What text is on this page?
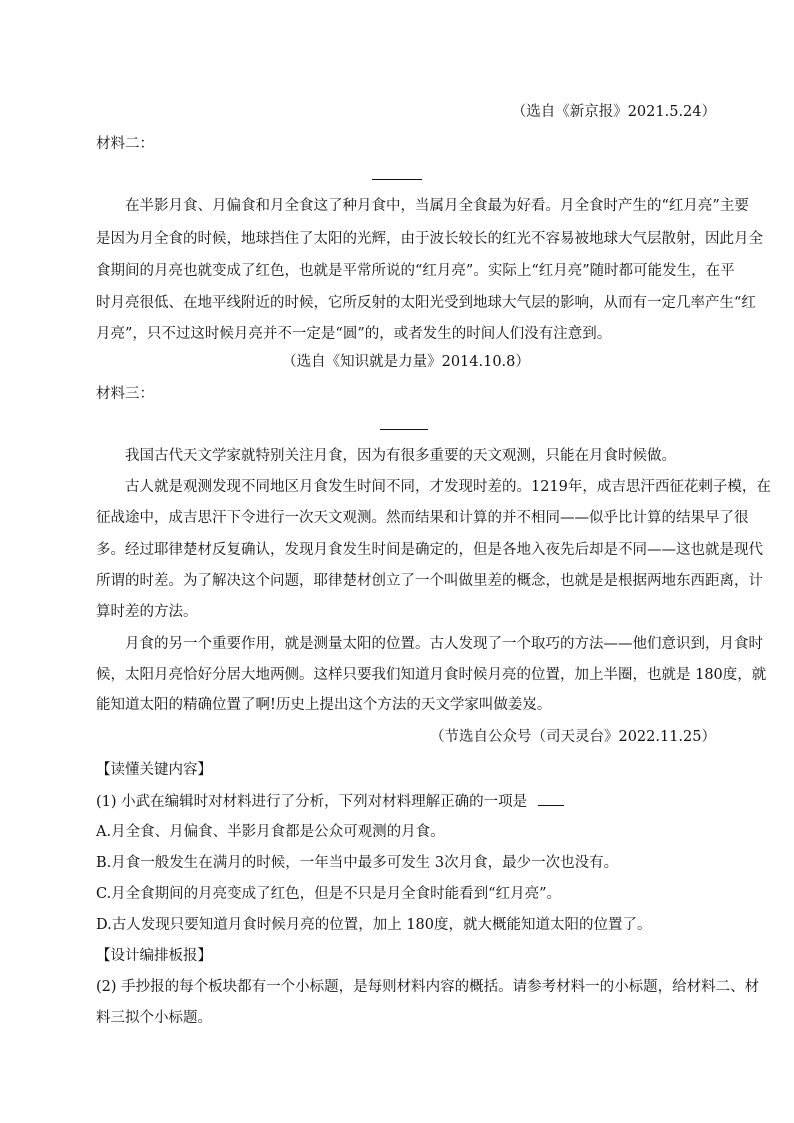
（选自《新京报》2021.5.24）
材料二：
在半影月食、月偏食和月全食这了种月食中，当属月全食最为好看。月全食时产生的“红月亮”主要
是因为月全食的时候，地球挡住了太阳的光辉，由于波长较长的红光不容易被地球大气层散射，因此月全
食期间的月亮也就变成了红色，也就是平常所说的“红月亮”。实际上“红月亮”随时都可能发生，在平
时月亮很低、在地平线附近的时候，它所反射的太阳光受到地球大气层的影响，从而有一定几率产生“红
月亮”，只不过这时候月亮并不一定是“圆”的，或者发生的时间人们没有注意到。
（选自《知识就是力量》2014.10.8）
材料三：
我国古代天文学家就特别关注月食，因为有很多重要的天文观测，只能在月食时候做。
古人就是观测发现不同地区月食发生时间不同，才发现时差的。1219年，成吉思汗西征花剌子模，在
征战途中，成吉思汗下令进行一次天文观测。然而结果和计算的并不相同——似乎比计算的结果早了很
多。经过耶律楚材反复确认，发现月食发生时间是确定的，但是各地入夜先后却是不同——这也就是现代
所谓的时差。为了解决这个问题，耶律楚材创立了一个叫做里差的概念，也就是是根据两地东西距离，计
算时差的方法。
月食的另一个重要作用，就是测量太阳的位置。古人发现了一个取巧的方法——他们意识到，月食时
候，太阳月亮恰好分居大地两侧。这样只要我们知道月食时候月亮的位置，加上半圈，也就是 180度，就
能知道太阳的精确位置了啊!历史上提出这个方法的天文学家叫做姜岌。
（节选自公众号（司天灵台》2022.11.25）
【读懂关键内容】
(1) 小武在编辑时对材料进行了分析，下列对材料理解正确的一项是
A.月全食、月偏食、半影月食都是公众可观测的月食。
B.月食一般发生在满月的时候，一年当中最多可发生 3次月食，最少一次也没有。
C.月全食期间的月亮变成了红色，但是不只是月全食时能看到“红月亮”。
D.古人发现只要知道月食时候月亮的位置，加上 180度，就大概能知道太阳的位置了。
【设计编排板报】
(2) 手抄报的每个板块都有一个小标题，是每则材料内容的概括。请参考材料一的小标题，给材料二、材
料三拟个小标题。
